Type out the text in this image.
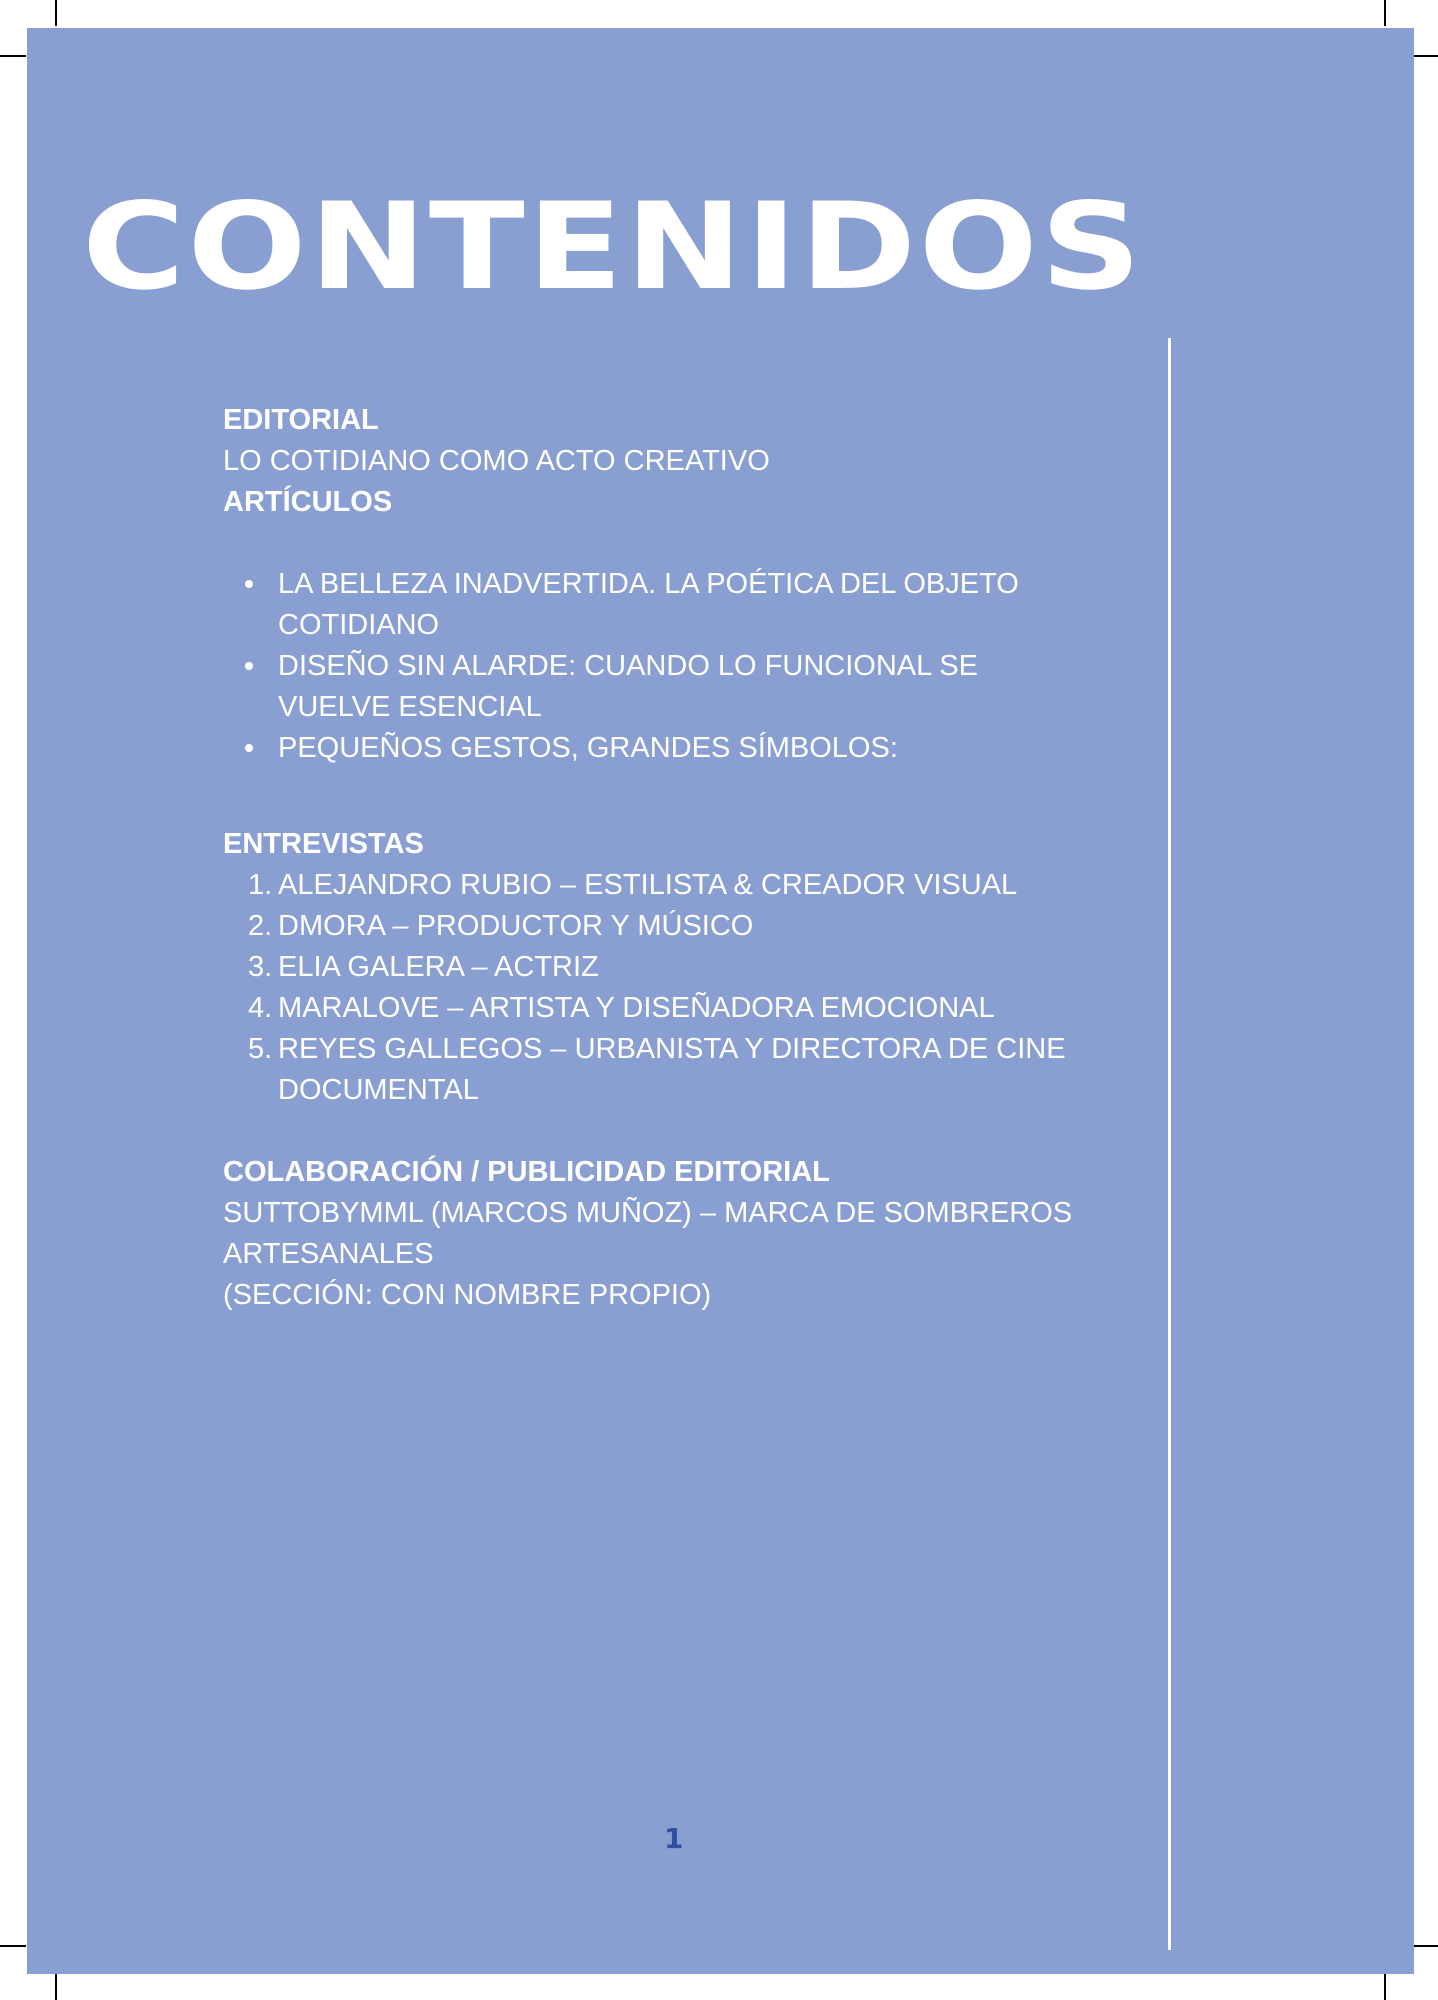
CONTENIDOS
EDITORIAL
LO COTIDIANO COMO ACTO CREATIVO
ARTÍCULOS
LA BELLEZA INADVERTIDA. LA POÉTICA DEL OBJETO COTIDIANO
DISEÑO SIN ALARDE: CUANDO LO FUNCIONAL SE VUELVE ESENCIAL
PEQUEÑOS GESTOS, GRANDES SÍMBOLOS:
ENTREVISTAS
1. ALEJANDRO RUBIO – ESTILISTA & CREADOR VISUAL
2. DMORA – PRODUCTOR Y MÚSICO
3. ELIA GALERA – ACTRIZ
4. MARALOVE – ARTISTA Y DISEÑADORA EMOCIONAL
5. REYES GALLEGOS – URBANISTA Y DIRECTORA DE CINE DOCUMENTAL
COLABORACIÓN / PUBLICIDAD EDITORIAL
SUTTOBYMML (MARCOS MUÑOZ) – MARCA DE SOMBREROS ARTESANALES
(SECCIÓN: CON NOMBRE PROPIO)
1
